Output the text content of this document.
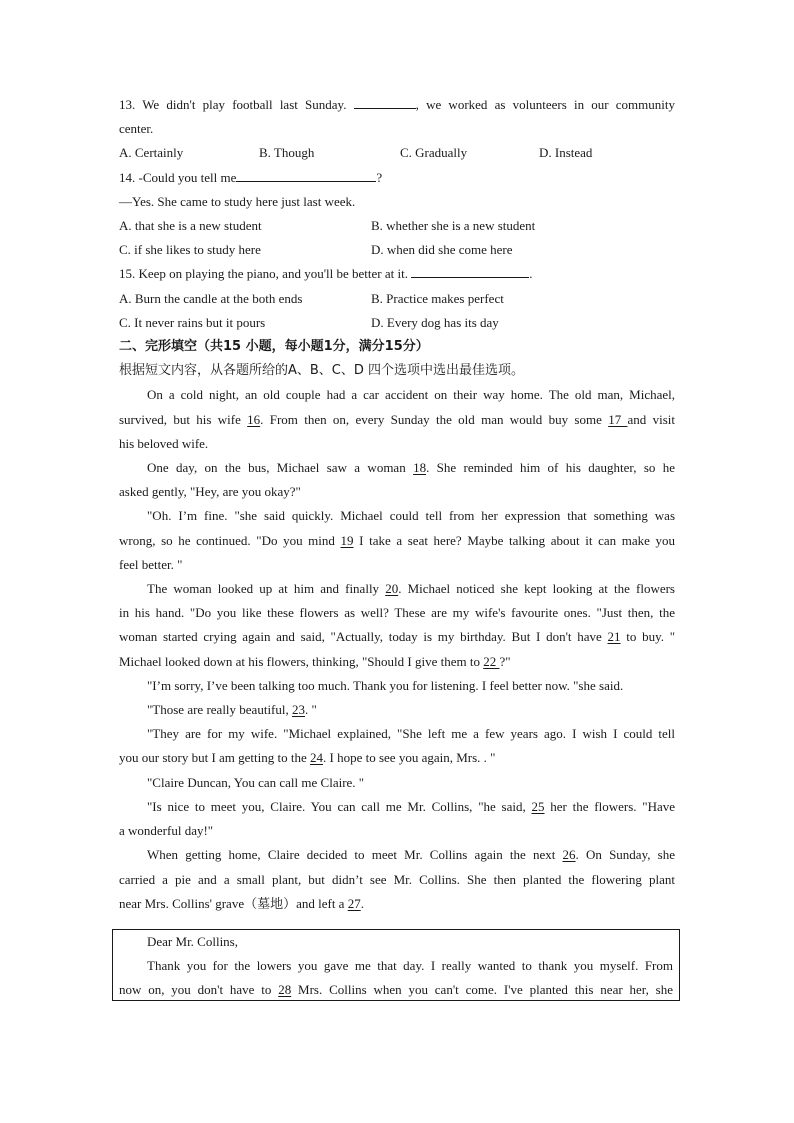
13. We didn't play football last Sunday.	, we worked as volunteers in our community
center.
A. Certainly	B. Though	C. Gradually	D. Instead
14. -Could you tell me	?
—Yes. She came to study here just last week.
A. that she is a new student	B. whether she is a new student
C. if she likes to study here	D. when did she come here
15. Keep on playing the piano, and you'll be better at it.	.
A. Burn the candle at the both ends	B. Practice makes perfect
C. It never rains but it pours	D. Every dog has its day
二、完形填空（共15 小题，每小题1分，满分15分）
根据短文内容，从各题所给的A、B、C、D 四个选项中选出最佳选项。
On a cold night, an old couple had a car accident on their way home. The old man, Michael,
survived, but his wife 16. From then on, every Sunday the old man would buy some 17 and visit
his beloved wife.
One day, on the bus, Michael saw a woman 18. She reminded him of his daughter, so he
asked gently, "Hey, are you okay?"
"Oh. I’m fine. "she said quickly. Michael could tell from her expression that something was
wrong, so he continued. "Do you mind 19 I take a seat here? Maybe talking about it can make you
feel better. "
The woman looked up at him and finally 20. Michael noticed she kept looking at the flowers
in his hand. "Do you like these flowers as well? These are my wife's favourite ones. "Just then, the
woman started crying again and said, "Actually, today is my birthday. But I don't have 21 to buy. "
Michael looked down at his flowers, thinking, "Should I give them to 22 ?"
"I’m sorry, I’ve been talking too much. Thank you for listening. I feel better now. "she said.
"Those are really beautiful, 23. "
"They are for my wife. "Michael explained, "She left me a few years ago. I wish I could tell
you our story but I am getting to the 24. I hope to see you again, Mrs. . "
"Claire Duncan, You can call me Claire. "
"Is nice to meet you, Claire. You can call me Mr. Collins, "he said, 25 her the flowers. "Have
a wonderful day!"
When getting home, Claire decided to meet Mr. Collins again the next 26. On Sunday, she
carried a pie and a small plant, but didn’t see Mr. Collins. She then planted the flowering plant
near Mrs. Collins' grave（墓地）and left a 27.
Dear Mr. Collins,
Thank you for the lowers you gave me that day. I really wanted to thank you myself. From
now on, you don't have to 28 Mrs. Collins when you can't come. I've planted this near her, she
